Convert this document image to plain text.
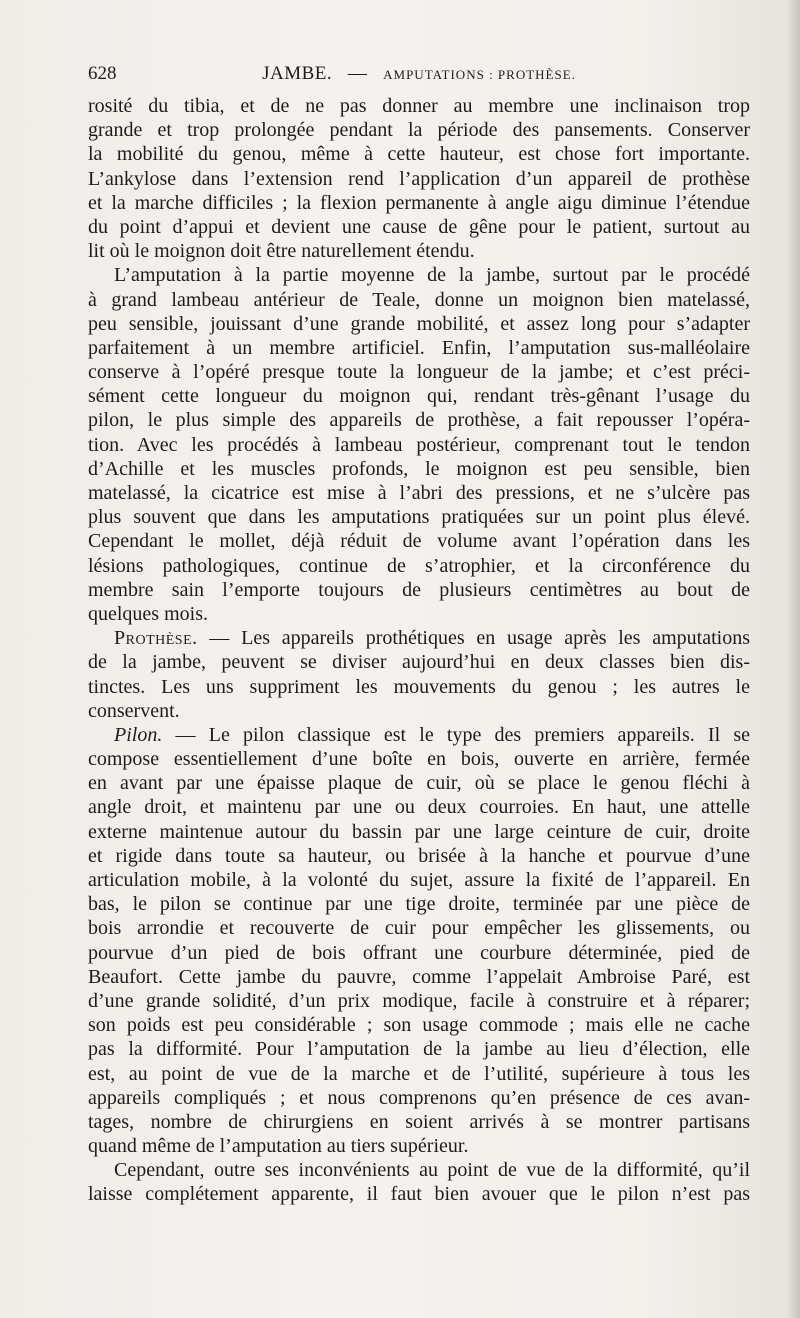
628	JAMBE. — AMPUTATIONS : PROTHÈSE.
rosité du tibia, et de ne pas donner au membre une inclinaison trop
grande et trop prolongée pendant la période des pansements. Conserver
la mobilité du genou, même à cette hauteur, est chose fort importante.
L’ankylose dans l’extension rend l’application d’un appareil de prothèse
et la marche difficiles ; la flexion permanente à angle aigu diminue l’étendue
du point d’appui et devient une cause de gêne pour le patient, surtout au
lit où le moignon doit être naturellement étendu.
L’amputation à la partie moyenne de la jambe, surtout par le procédé
à grand lambeau antérieur de Teale, donne un moignon bien matelassé,
peu sensible, jouissant d’une grande mobilité, et assez long pour s’adapter
parfaitement à un membre artificiel. Enfin, l’amputation sus-malléolaire
conserve à l’opéré presque toute la longueur de la jambe; et c’est préci-
sément cette longueur du moignon qui, rendant très-gênant l’usage du
pilon, le plus simple des appareils de prothèse, a fait repousser l’opéra-
tion. Avec les procédés à lambeau postérieur, comprenant tout le tendon
d’Achille et les muscles profonds, le moignon est peu sensible, bien
matelassé, la cicatrice est mise à l’abri des pressions, et ne s’ulcère pas
plus souvent que dans les amputations pratiquées sur un point plus élevé.
Cependant le mollet, déjà réduit de volume avant l’opération dans les
lésions pathologiques, continue de s’atrophier, et la circonférence du
membre sain l’emporte toujours de plusieurs centimètres au bout de
quelques mois.
Prothèse. — Les appareils prothétiques en usage après les amputations
de la jambe, peuvent se diviser aujourd’hui en deux classes bien dis-
tinctes. Les uns suppriment les mouvements du genou ; les autres le
conservent.
Pilon. — Le pilon classique est le type des premiers appareils. Il se
compose essentiellement d’une boîte en bois, ouverte en arrière, fermée
en avant par une épaisse plaque de cuir, où se place le genou fléchi à
angle droit, et maintenu par une ou deux courroies. En haut, une attelle
externe maintenue autour du bassin par une large ceinture de cuir, droite
et rigide dans toute sa hauteur, ou brisée à la hanche et pourvue d’une
articulation mobile, à la volonté du sujet, assure la fixité de l’appareil. En
bas, le pilon se continue par une tige droite, terminée par une pièce de
bois arrondie et recouverte de cuir pour empêcher les glissements, ou
pourvue d’un pied de bois offrant une courbure déterminée, pied de
Beaufort. Cette jambe du pauvre, comme l’appelait Ambroise Paré, est
d’une grande solidité, d’un prix modique, facile à construire et à réparer;
son poids est peu considérable ; son usage commode ; mais elle ne cache
pas la difformité. Pour l’amputation de la jambe au lieu d’élection, elle
est, au point de vue de la marche et de l’utilité, supérieure à tous les
appareils compliqués ; et nous comprenons qu’en présence de ces avan-
tages, nombre de chirurgiens en soient arrivés à se montrer partisans
quand même de l’amputation au tiers supérieur.
Cependant, outre ses inconvénients au point de vue de la difformité, qu’il
laisse complétement apparente, il faut bien avouer que le pilon n’est pas
